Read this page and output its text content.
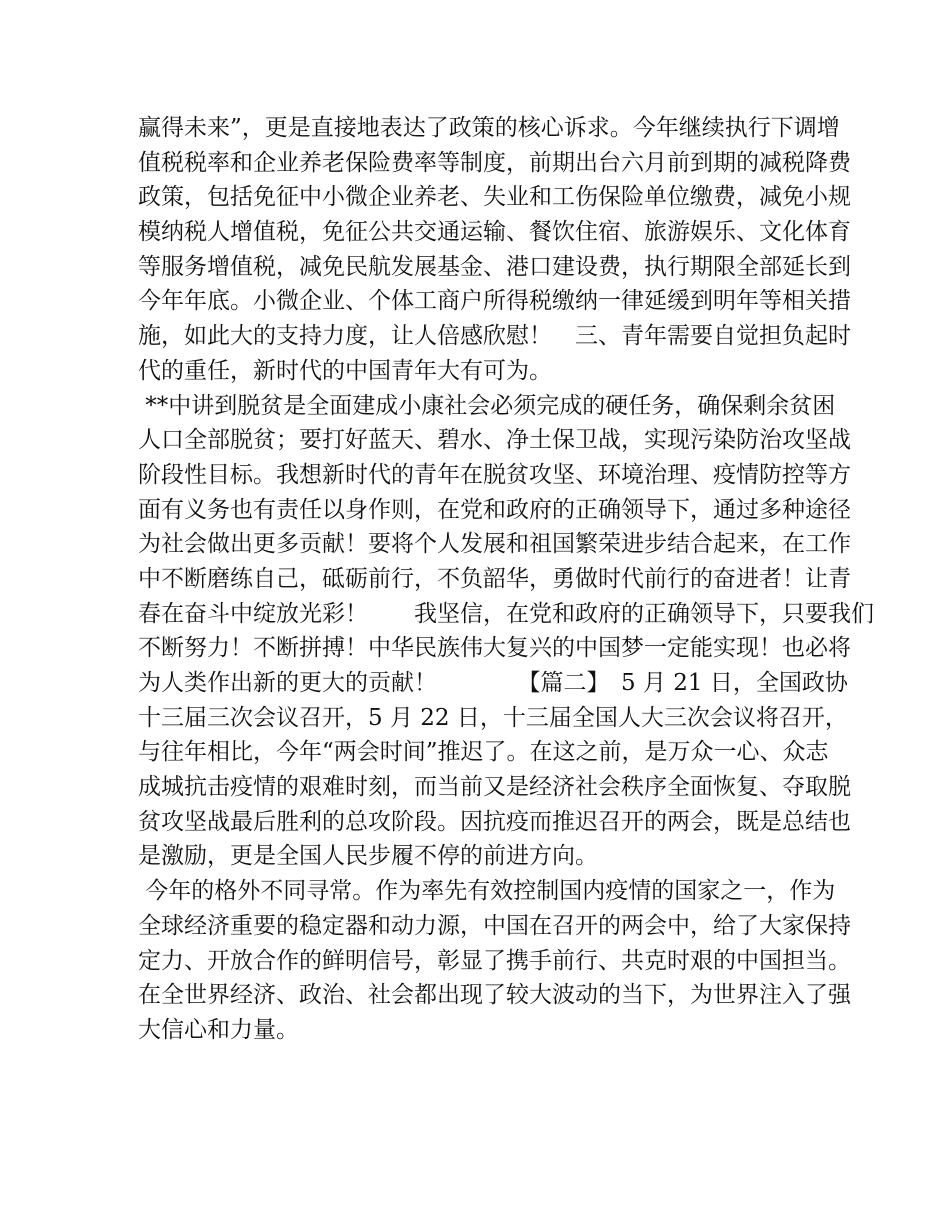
赢得未来”，更是直接地表达了政策的核心诉求。今年继续执行下调增
值税税率和企业养老保险费率等制度，前期出台六月前到期的减税降费
政策，包括免征中小微企业养老、失业和工伤保险单位缴费，减免小规
模纳税人增值税，免征公共交通运输、餐饮住宿、旅游娱乐、文化体育
等服务增值税，减免民航发展基金、港口建设费，执行期限全部延长到
今年年底。小微企业、个体工商户所得税缴纳一律延缓到明年等相关措
施，如此大的支持力度，让人倍感欣慰！　三、青年需要自觉担负起时
代的重任，新时代的中国青年大有可为。
**中讲到脱贫是全面建成小康社会必须完成的硬任务，确保剩余贫困
人口全部脱贫；要打好蓝天、碧水、净土保卫战，实现污染防治攻坚战
阶段性目标。我想新时代的青年在脱贫攻坚、环境治理、疫情防控等方
面有义务也有责任以身作则，在党和政府的正确领导下，通过多种途径
为社会做出更多贡献！要将个人发展和祖国繁荣进步结合起来，在工作
中不断磨练自己，砥砺前行，不负韶华，勇做时代前行的奋进者！让青
春在奋斗中绽放光彩！　　我坚信，在党和政府的正确领导下，只要我们
不断努力！不断拼搏！中华民族伟大复兴的中国梦一定能实现！也必将
为人类作出新的更大的贡献！　　　　【篇二】　5 月 21 日，全国政协
十三届三次会议召开，5 月 22 日，十三届全国人大三次会议将召开，
与往年相比，今年“两会时间”推迟了。在这之前，是万众一心、众志
成城抗击疫情的艰难时刻，而当前又是经济社会秩序全面恢复、夺取脱
贫攻坚战最后胜利的总攻阶段。因抗疫而推迟召开的两会，既是总结也
是激励，更是全国人民步履不停的前进方向。
今年的格外不同寻常。作为率先有效控制国内疫情的国家之一，作为
全球经济重要的稳定器和动力源，中国在召开的两会中，给了大家保持
定力、开放合作的鲜明信号，彰显了携手前行、共克时艰的中国担当。
在全世界经济、政治、社会都出现了较大波动的当下，为世界注入了强
大信心和力量。
